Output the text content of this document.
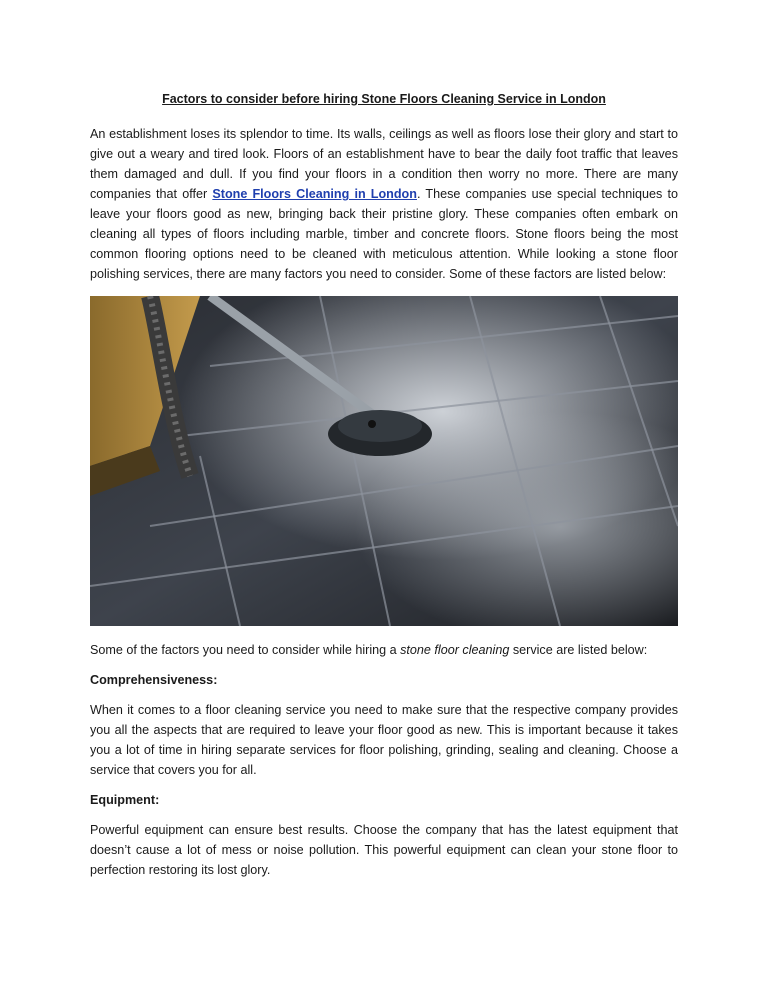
Factors to consider before hiring Stone Floors Cleaning Service in London

An establishment loses its splendor to time. Its walls, ceilings as well as floors lose their glory and start to give out a weary and tired look. Floors of an establishment have to bear the daily foot traffic that leaves them damaged and dull. If you find your floors in a condition then worry no more. There are many companies that offer Stone Floors Cleaning in London. These companies use special techniques to leave your floors good as new, bringing back their pristine glory. These companies often embark on cleaning all types of floors including marble, timber and concrete floors. Stone floors being the most common flooring options need to be cleaned with meticulous attention. While looking a stone floor polishing services, there are many factors you need to consider. Some of these factors are listed below:

Some of the factors you need to consider while hiring a stone floor cleaning service are listed below:

Comprehensiveness:

When it comes to a floor cleaning service you need to make sure that the respective company provides you all the aspects that are required to leave your floor good as new. This is important because it takes you a lot of time in hiring separate services for floor polishing, grinding, sealing and cleaning. Choose a service that covers you for all.

Equipment:

Powerful equipment can ensure best results. Choose the company that has the latest equipment that doesn’t cause a lot of mess or noise pollution. This powerful equipment can clean your stone floor to perfection restoring its lost glory.
